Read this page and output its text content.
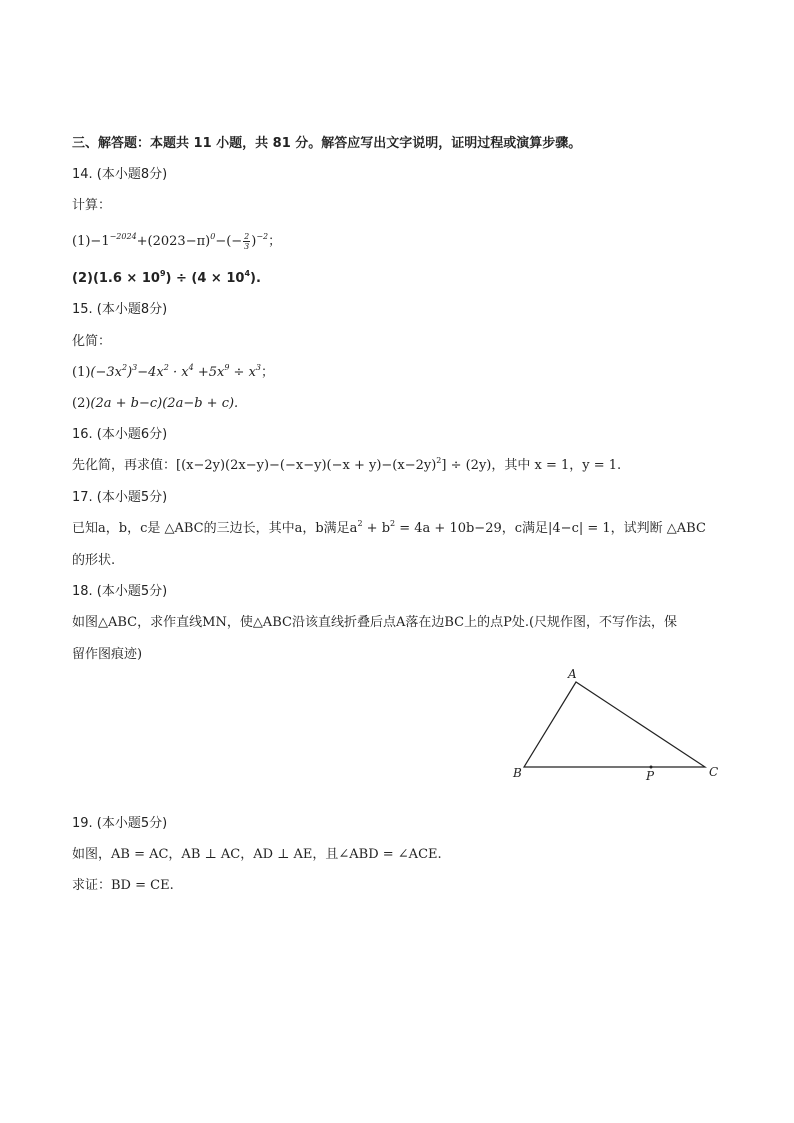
三、解答题：本题共 11 小题，共 81 分。解答应写出文字说明，证明过程或演算步骤。
14. (本小题8分)
计算：
$(1)-1^{-2024}+(2023-\pi)^0-(- \frac{2}{3} )^{-2}$；
$(2)(1.6 \times 10^9) \div (4 \times 10^4)$.
15. (本小题8分)
化简：
$(1)(-3x^2)^3-4x^2 \cdot x^4 +5x^9 \div x^3$；
(2)(2a + b−c)(2a−b + c).
16. (本小题6分)
先化简，再求值：$[(x-2y)(2x-y)-(-x-y)(-x + y)-(x-2y)^2] \div (2y)$，其中 x = 1，y = 1.
17. (本小题5分)
已知a，b，c是 △ABC的三边长，其中a，b满足$a^2 + b^2 = 4a + 10b-29$，c满足|4−c| = 1，试判断 △ABC
的形状.
18. (本小题5分)
如图△ABC，求作直线MN，使△ABC沿该直线折叠后点A落在边BC上的点P处.(尺规作图，不写作法，保
留作图痕迹)
A
B	C
P
19. (本小题5分)
如图，AB = AC，AB ⊥ AC，AD ⊥ AE，且∠ABD = ∠ACE.
求证：BD = CE.
